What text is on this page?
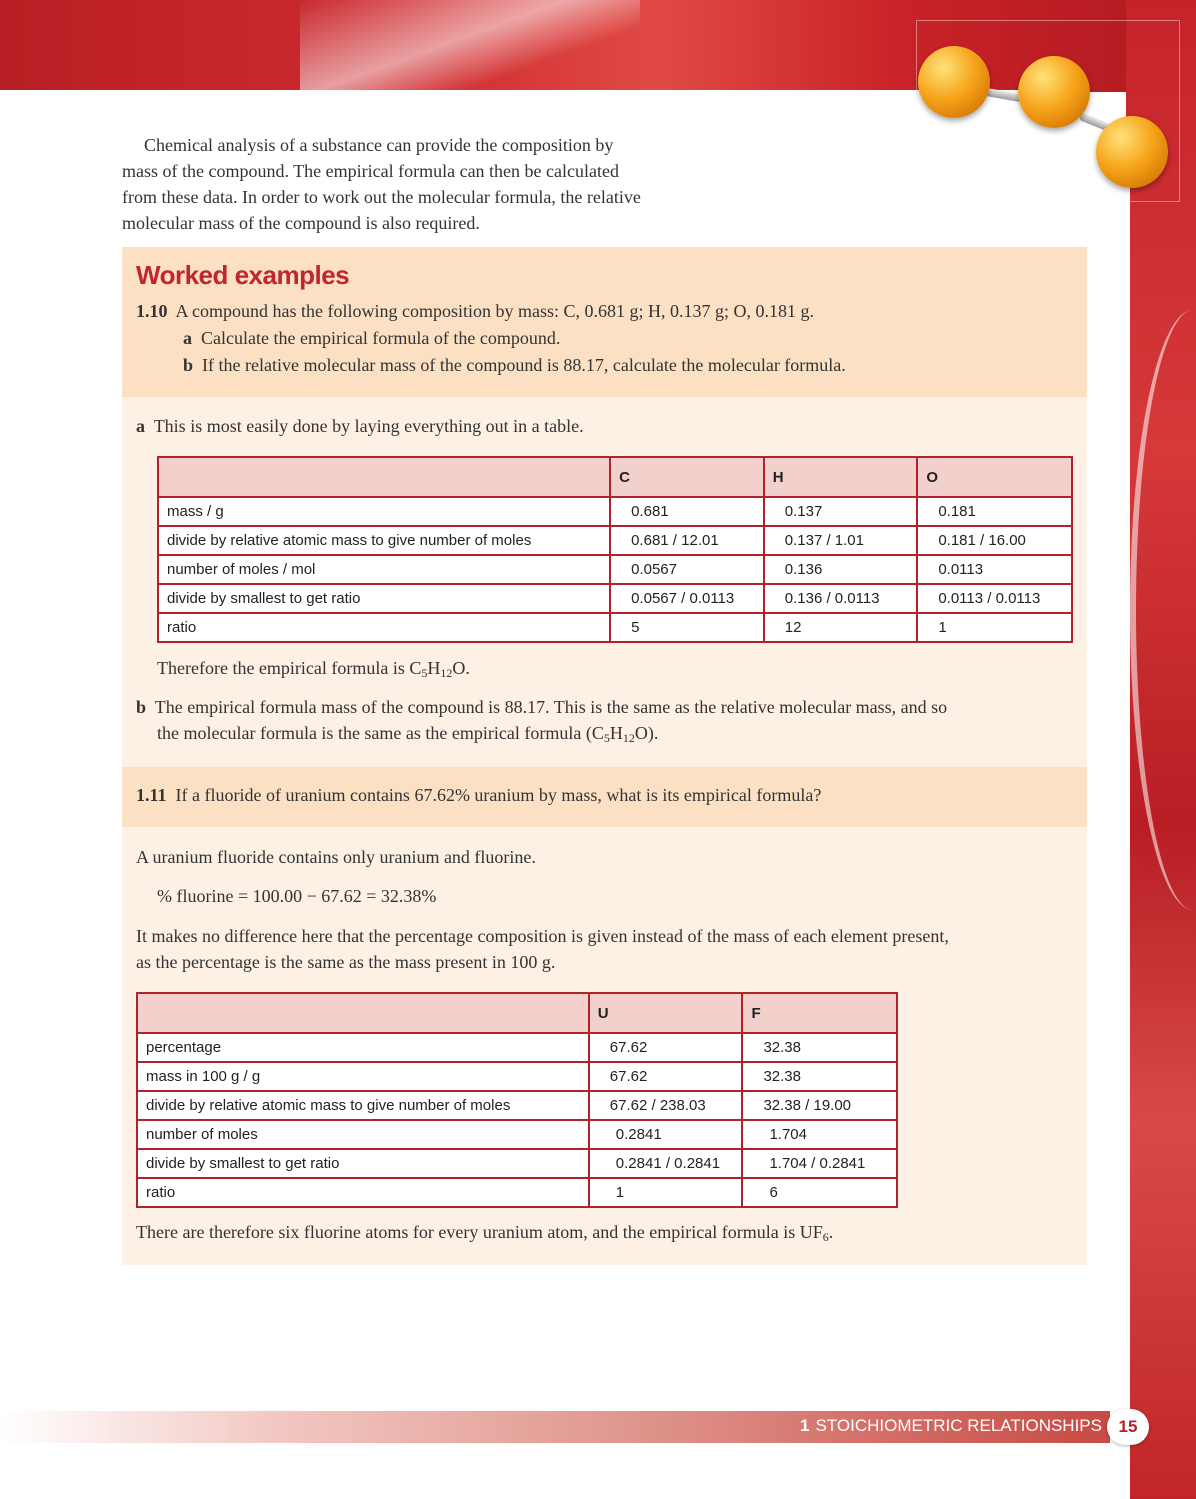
Chemical analysis of a substance can provide the composition by

mass of the compound. The empirical formula can then be calculated
from these data. In order to work out the molecular formula, the relative
molecular mass of the compound is also required.
Worked examples
1.10 A compound has the following composition by mass: C, 0.681 g; H, 0.137 g; O, 0.181 g.
a Calculate the empirical formula of the compound.
b If the relative molecular mass of the compound is 88.17, calculate the molecular formula.
a This is most easily done by laying everything out in a table.
	C	H	O
mass / g	0.681	0.137	0.181
divide by relative atomic mass to give number of moles	0.681 / 12.01	0.137 / 1.01	0.181 / 16.00
number of moles / mol	0.0567	0.136	0.0113
divide by smallest to get ratio	0.0567 / 0.0113	0.136 / 0.0113	0.0113 / 0.0113
ratio	5	12	1
Therefore the empirical formula is $C_5H_{12}O$.
b The empirical formula mass of the compound is 88.17. This is the same as the relative molecular mass, and so
the molecular formula is the same as the empirical formula $(C_5H_{12}O)$.
1.11 If a fluoride of uranium contains 67.62% uranium by mass, what is its empirical formula?
A uranium fluoride contains only uranium and fluorine.
% fluorine = 100.00 − 67.62 = 32.38%
It makes no difference here that the percentage composition is given instead of the mass of each element present,
as the percentage is the same as the mass present in 100 g.
	U	F
percentage	67.62	32.38
mass in 100 g / g	67.62	32.38
divide by relative atomic mass to give number of moles	67.62 / 238.03	32.38 / 19.00
number of moles	0.2841	1.704
divide by smallest to get ratio	0.2841 / 0.2841	1.704 / 0.2841
ratio	1	6
There are therefore six fluorine atoms for every uranium atom, and the empirical formula is $UF_6$.
1 STOICHIOMETRIC RELATIONSHIPS 15
